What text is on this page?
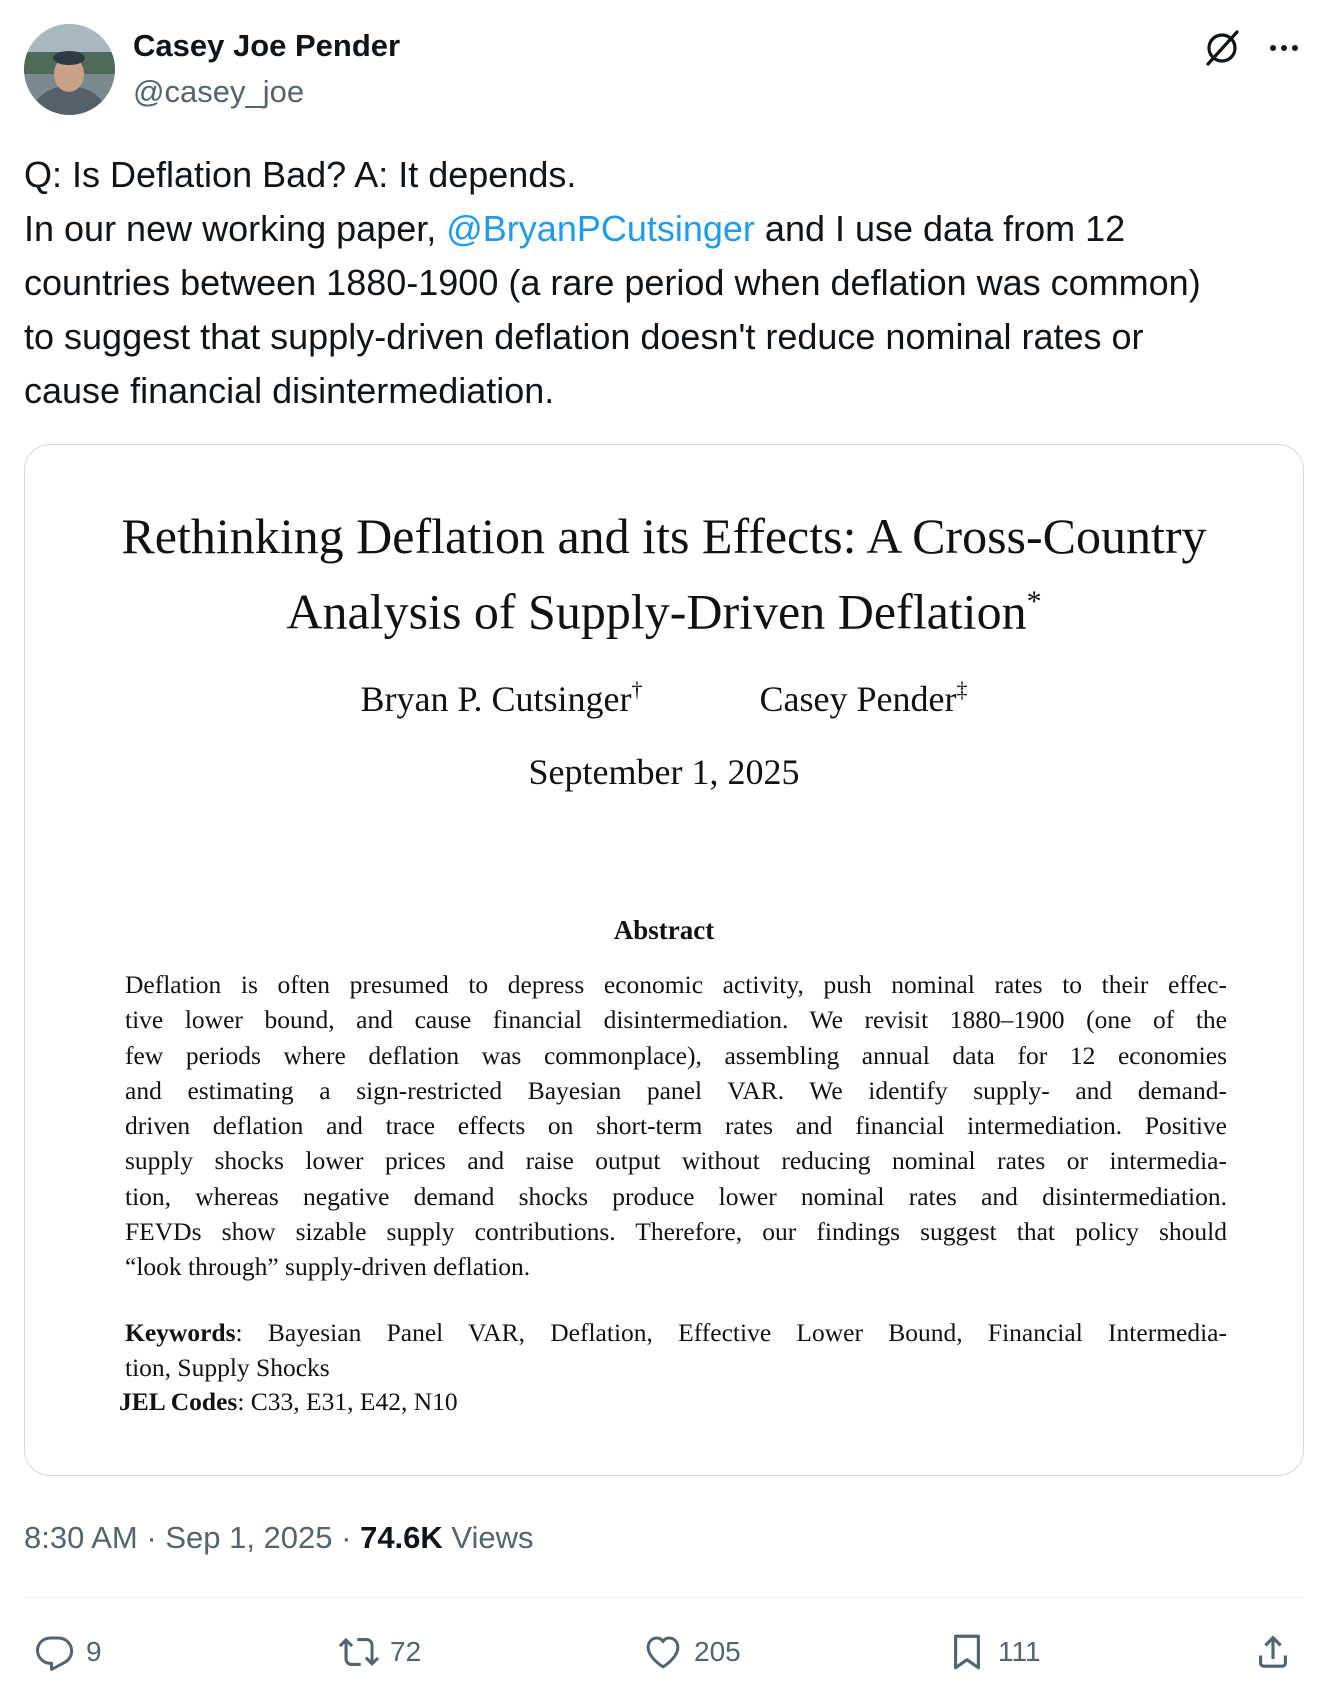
Casey Joe Pender
@casey_joe

Q: Is Deflation Bad? A: It depends.

In our new working paper, @BryanPCutsinger and I use data from 12

countries between 1880-1900 (a rare period when deflation was common)

to suggest that supply-driven deflation doesn't reduce nominal rates or

cause financial disintermediation.

Rethinking Deflation and its Effects: A Cross-Country
Analysis of Supply-Driven Deflation*
Bryan P. Cutsinger†	Casey Pender‡
September 1, 2025
Abstract

Deflation is often presumed to depress economic activity, push nominal rates to their effec-

tive lower bound, and cause financial disintermediation. We revisit 1880–1900 (one of the

few periods where deflation was commonplace), assembling annual data for 12 economies

and estimating a sign-restricted Bayesian panel VAR. We identify supply- and demand-

driven deflation and trace effects on short-term rates and financial intermediation. Positive

supply shocks lower prices and raise output without reducing nominal rates or intermedia-

tion, whereas negative demand shocks produce lower nominal rates and disintermediation.

FEVDs show sizable supply contributions. Therefore, our findings suggest that policy should

“look through” supply-driven deflation.

Keywords: Bayesian Panel VAR, Deflation, Effective Lower Bound, Financial Intermedia-

tion, Supply Shocks

JEL Codes: C33, E31, E42, N10
8:30 AM · Sep 1, 2025 · 74.6K Views
9	72	205	111
